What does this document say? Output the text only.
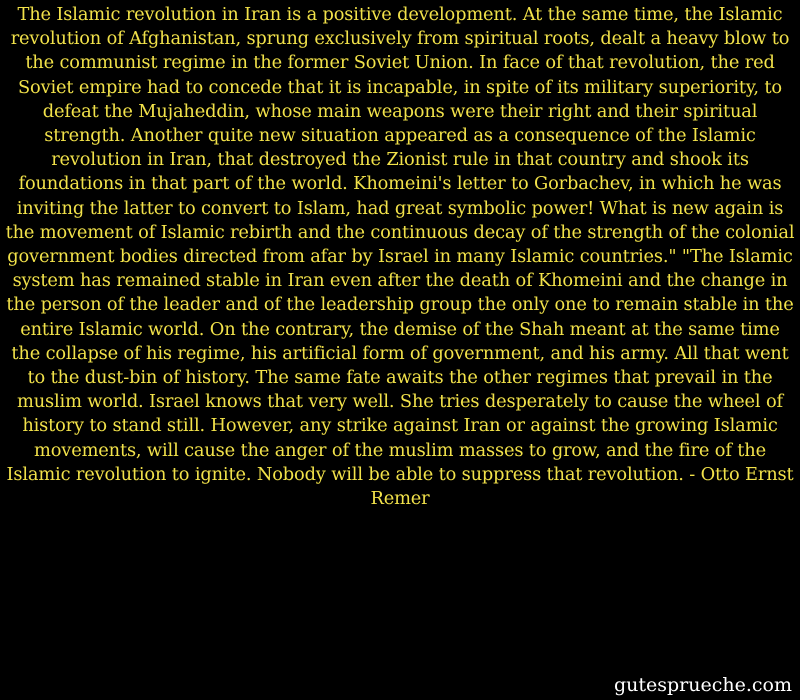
The Islamic revolution in Iran is a positive development. At the same time, the Islamic revolution of Afghanistan, sprung exclusively from spiritual roots, dealt a heavy blow to the communist regime in the former Soviet Union. In face of that revolution, the red Soviet empire had to concede that it is incapable, in spite of its military superiority, to defeat the Mujaheddin, whose main weapons were their right and their spiritual strength. Another quite new situation appeared as a consequence of the Islamic revolution in Iran, that destroyed the Zionist rule in that country and shook its foundations in that part of the world. Khomeini's letter to Gorbachev, in which he was inviting the latter to convert to Islam, had great symbolic power! What is new again is the movement of Islamic rebirth and the continuous decay of the strength of the colonial government bodies directed from afar by Israel in many Islamic countries." "The Islamic system has remained stable in Iran even after the death of Khomeini and the change in the person of the leader and of the leadership group the only one to remain stable in the entire Islamic world. On the contrary, the demise of the Shah meant at the same time the collapse of his regime, his artificial form of government, and his army. All that went to the dust-bin of history. The same fate awaits the other regimes that prevail in the muslim world. Israel knows that very well. She tries desperately to cause the wheel of history to stand still. However, any strike against Iran or against the growing Islamic movements, will cause the anger of the muslim masses to grow, and the fire of the Islamic revolution to ignite. Nobody will be able to suppress that revolution. - Otto Ernst Remer

gutesprueche.com
